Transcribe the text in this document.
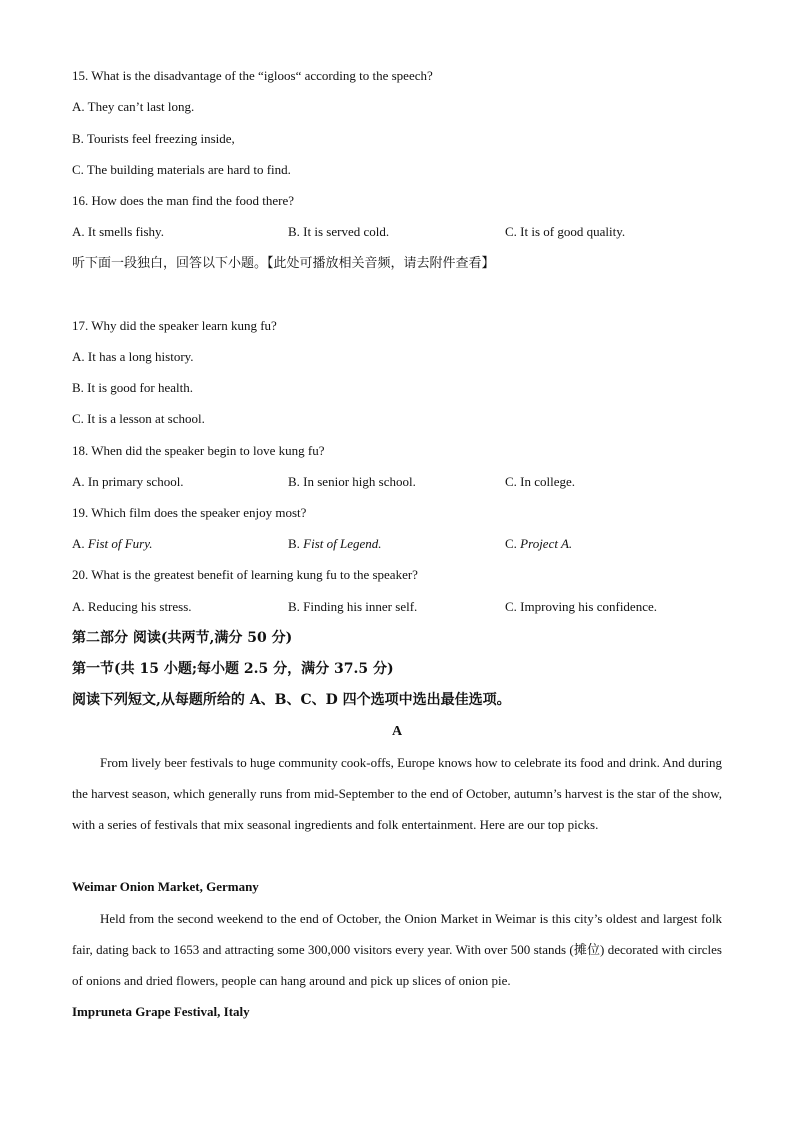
15. What is the disadvantage of the “igloos“ according to the speech?
A. They can’t last long.
B. Tourists feel freezing inside,
C. The building materials are hard to find.
16. How does the man find the food there?
A. It smells fishy.	B. It is served cold.	C. It is of good quality.
听下面一段独白，回答以下小题。【此处可播放相关音频，请去附件查看】
17. Why did the speaker learn kung fu?
A. It has a long history.
B. It is good for health.
C. It is a lesson at school.
18. When did the speaker begin to love kung fu?
A. In primary school.	B. In senior high school.	C. In college.
19. Which film does the speaker enjoy most?
A. Fist of Fury.	B. Fist of Legend.	C. Project A.
20. What is the greatest benefit of learning kung fu to the speaker?
A. Reducing his stress.	B. Finding his inner self.	C. Improving his confidence.
第二部分 阅读(共两节,满分 50 分)
第一节(共 15 小题;每小题 2.5 分，满分 37.5 分)
阅读下列短文,从每题所给的 A、B、C、D 四个选项中选出最佳选项。
A
From lively beer festivals to huge community cook-offs, Europe knows how to celebrate its food and drink. And during the harvest season, which generally runs from mid-September to the end of October, autumn’s harvest is the star of the show, with a series of festivals that mix seasonal ingredients and folk entertainment. Here are our top picks.
Weimar Onion Market, Germany
Held from the second weekend to the end of October, the Onion Market in Weimar is this city’s oldest and largest folk fair, dating back to 1653 and attracting some 300,000 visitors every year. With over 500 stands (摊位) decorated with circles of onions and dried flowers, people can hang around and pick up slices of onion pie.
Impruneta Grape Festival, Italy
